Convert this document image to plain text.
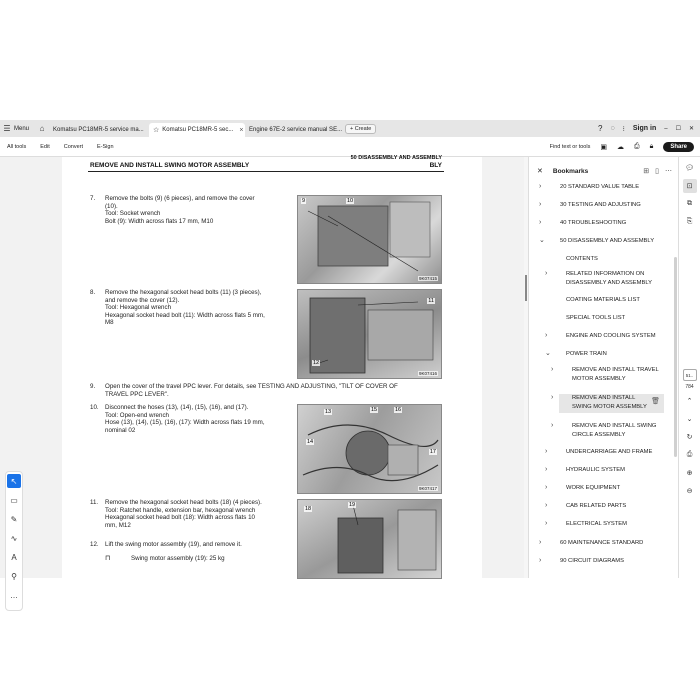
☰ Menu	⌂	Komatsu PC18MR-5 service ma... ☆ Komatsu PC18MR-5 sec... × Engine 67E-2 service manual SE...	+ Create	? ◌ ⁝ Sign in – ☐ ✕
All tools	Edit	Convert	E-Sign	Find text or tools ▣ ☁ ⎙ 🔒︎	Share
REMOVE AND INSTALL SWING MOTOR ASSEMBLY
50 DISASSEMBLY AND ASSEMBLY
BLY
7.	Remove the bolts (9) (6 pieces), and remove the cover
(10).
Tool: Socket wrench
Bolt (9): Width across flats 17 mm, M10
8.	Remove the hexagonal socket head bolts (11) (3 pieces),
and remove the cover (12).
Tool: Hexagonal wrench
Hexagonal socket head bolt (11): Width across flats 5 mm,
M8
9.	Open the cover of the travel PPC lever. For details, see TESTING AND ADJUSTING, "TILT OF COVER OF
TRAVEL PPC LEVER".
10.	Disconnect the hoses (13), (14), (15), (16), and (17).
Tool: Open-end wrench
Hose (13), (14), (15), (16), (17): Width across flats 19 mm,
nominal 02
11.	Remove the hexagonal socket head bolts (18) (4 pieces).
Tool: Ratchet handle, extension bar, hexagonal wrench
Hexagonal socket head bolt (18): Width across flats 10
mm, M12
12.	Lift the swing motor assembly (19), and remove it.
⊓	Swing motor assembly (19): 25 kg
9	10
9K07415
11
12
9K07416
13
14
15	16
17
9K07417
18
19
↖
▭
✎
∿
A
⚲
…
✕ Bookmarks	⊞ ▯ ⋯
›	20 STANDARD VALUE TABLE
›	30 TESTING AND ADJUSTING
›	40 TROUBLESHOOTING
⌄	50 DISASSEMBLY AND ASSEMBLY
CONTENTS
›	RELATED INFORMATION ON
DISASSEMBLY AND ASSEMBLY
COATING MATERIALS LIST
SPECIAL TOOLS LIST
›	ENGINE AND COOLING SYSTEM
⌄	POWER TRAIN
›	REMOVE AND INSTALL TRAVEL
MOTOR ASSEMBLY
›	REMOVE AND INSTALL
SWING MOTOR ASSEMBLY
🗑︎
›	REMOVE AND INSTALL SWING
CIRCLE ASSEMBLY
›	UNDERCARRIAGE AND FRAME
›	HYDRAULIC SYSTEM
›	WORK EQUIPMENT
›	CAB RELATED PARTS
›	ELECTRICAL SYSTEM
›	60 MAINTENANCE STANDARD
›	90 CIRCUIT DIAGRAMS
💬︎
⊡
⧉
⎘
51..
784
⌃
⌄
↻
⎙
⊕
⊖
